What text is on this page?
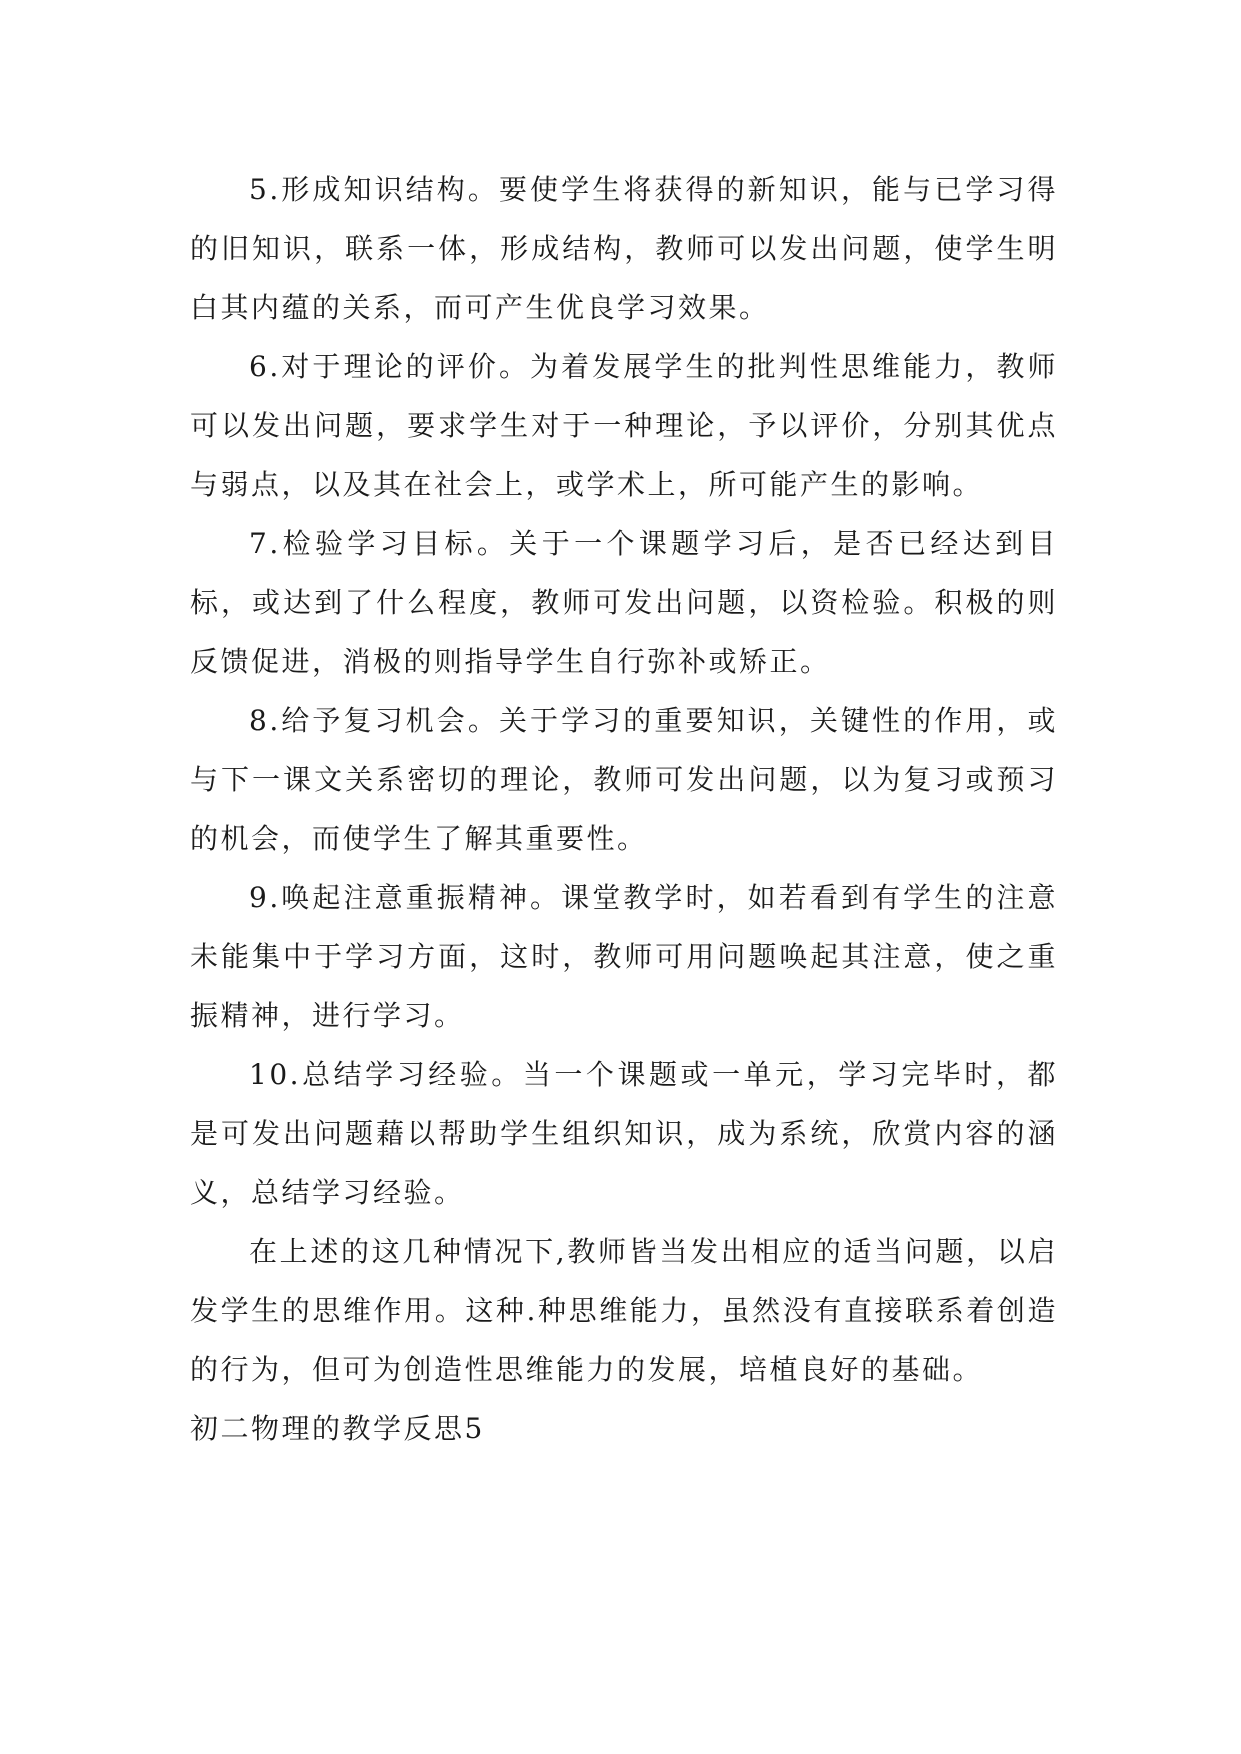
5.形成知识结构。要使学生将获得的新知识，能与已学习得的旧知识，联系一体，形成结构，教师可以发出问题，使学生明白其内蕴的关系，而可产生优良学习效果。

6.对于理论的评价。为着发展学生的批判性思维能力，教师可以发出问题，要求学生对于一种理论，予以评价，分别其优点与弱点，以及其在社会上，或学术上，所可能产生的影响。

7.检验学习目标。关于一个课题学习后，是否已经达到目标，或达到了什么程度，教师可发出问题，以资检验。积极的则反馈促进，消极的则指导学生自行弥补或矫正。

8.给予复习机会。关于学习的重要知识，关键性的作用，或与下一课文关系密切的理论，教师可发出问题，以为复习或预习的机会，而使学生了解其重要性。

9.唤起注意重振精神。课堂教学时，如若看到有学生的注意未能集中于学习方面，这时，教师可用问题唤起其注意，使之重振精神，进行学习。

10.总结学习经验。当一个课题或一单元，学习完毕时，都是可发出问题藉以帮助学生组织知识，成为系统，欣赏内容的涵义，总结学习经验。

在上述的这几种情况下,教师皆当发出相应的适当问题，以启发学生的思维作用。这种.种思维能力，虽然没有直接联系着创造的行为，但可为创造性思维能力的发展，培植良好的基础。

初二物理的教学反思5
